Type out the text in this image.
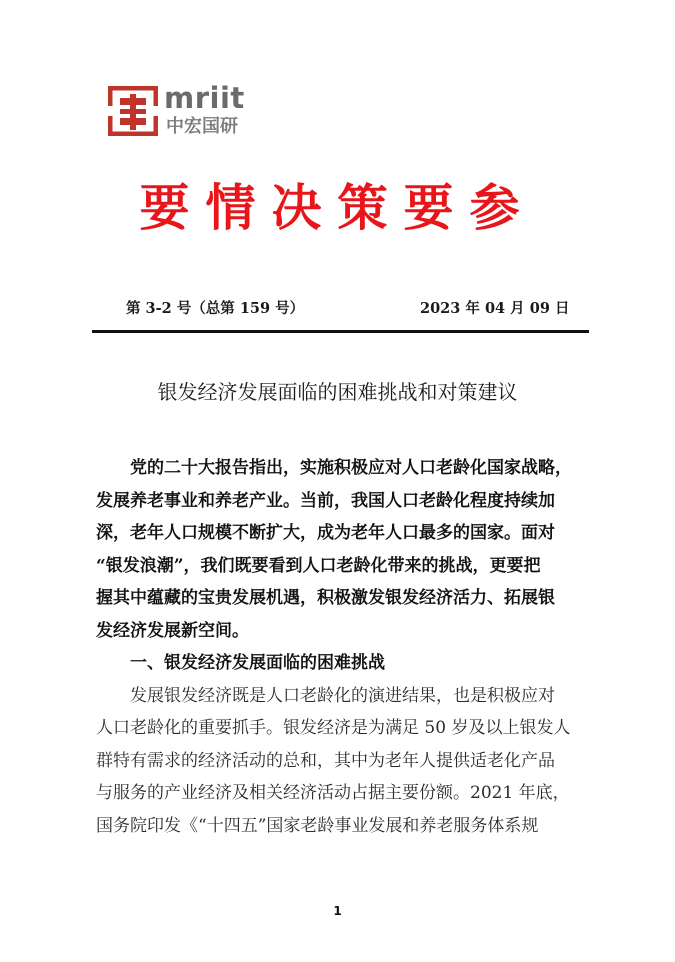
mriit
中宏国研
要情决策要参
第 3-2 号（总第 159 号）	2023 年 04 月 09 日
银发经济发展面临的困难挑战和对策建议
党的二十大报告指出，实施积极应对人口老龄化国家战略，
发展养老事业和养老产业。当前，我国人口老龄化程度持续加
深，老年人口规模不断扩大，成为老年人口最多的国家。面对
“银发浪潮”，我们既要看到人口老龄化带来的挑战，更要把
握其中蕴藏的宝贵发展机遇，积极激发银发经济活力、拓展银
发经济发展新空间。
一、银发经济发展面临的困难挑战
发展银发经济既是人口老龄化的演进结果，也是积极应对
人口老龄化的重要抓手。银发经济是为满足 50 岁及以上银发人
群特有需求的经济活动的总和，其中为老年人提供适老化产品
与服务的产业经济及相关经济活动占据主要份额。2021 年底，
国务院印发《“十四五”国家老龄事业发展和养老服务体系规
1
